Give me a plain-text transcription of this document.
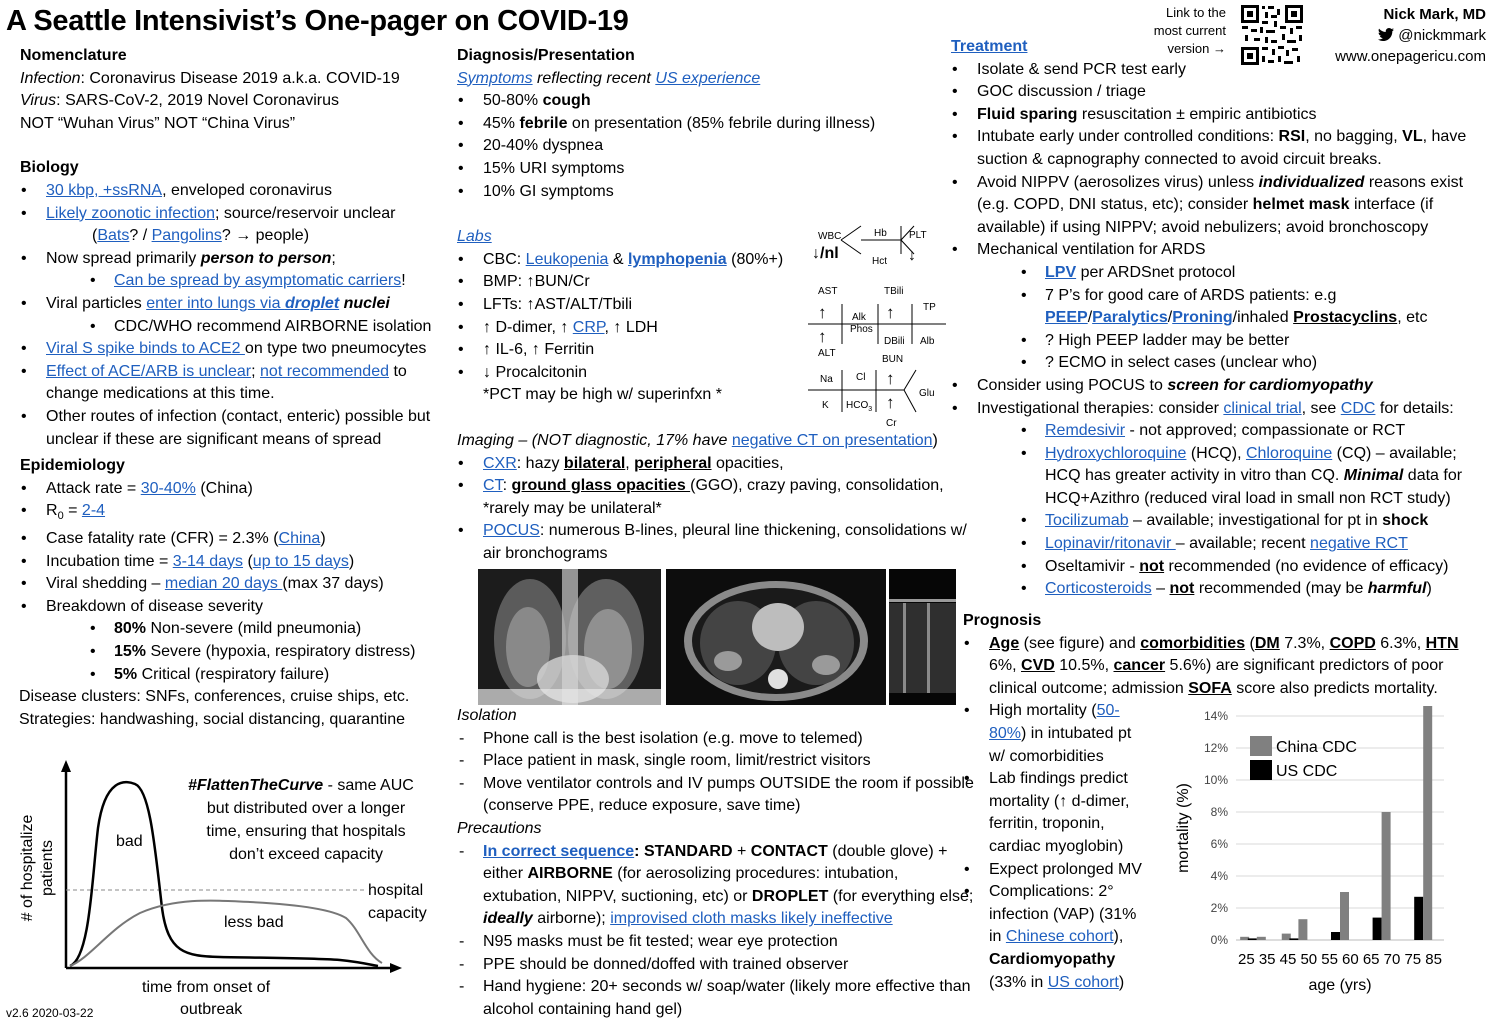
A Seattle Intensivist’s One-pager on COVID-19	Link to the
most current
version →
Nick Mark, MD
@nickmmark
www.onepagericu.com
Nomenclature
Infection: Coronavirus Disease 2019 a.k.a. COVID-19
Virus: SARS-CoV-2, 2019 Novel Coronavirus
NOT “Wuhan Virus” NOT “China Virus”
Biology
• 30 kbp, +ssRNA, enveloped coronavirus
• Likely zoonotic infection; source/reservoir unclear
(Bats? / Pangolins? → people)
• Now spread primarily person to person;
• Can be spread by asymptomatic carriers!
• Viral particles enter into lungs via droplet nuclei
• CDC/WHO recommend AIRBORNE isolation
• Viral S spike binds to ACE2 on type two pneumocytes
• Effect of ACE/ARB is unclear; not recommended to change medications at this time.
• Other routes of infection (contact, enteric) possible but unclear if these are significant means of spread
Epidemiology
• Attack rate = 30-40% (China)
• $R_0 = 2-4$
• Case fatality rate (CFR) = 2.3% (China)
• Incubation time = 3-14 days (up to 15 days)
• Viral shedding – median 20 days (max 37 days)
• Breakdown of disease severity
• 80% Non-severe (mild pneumonia)
• 15% Severe (hypoxia, respiratory distress)
• 5% Critical (respiratory failure)
Disease clusters: SNFs, conferences, cruise ships, etc.
Strategies: handwashing, social distancing, quarantine
bad
less bad
hospital
capacity
time from onset of
outbreak
# of hospitalize patients
#FlattenTheCurve - same AUC
but distributed over a longer
time, ensuring that hospitals
don’t exceed capacity
v2.6 2020-03-22
Diagnosis/Presentation
Symptoms reflecting recent US experience
• 50-80% cough
• 45% febrile on presentation (85% febrile during illness)
• 20-40% dyspnea
• 15% URI symptoms
• 10% GI symptoms
Labs
• CBC: Leukopenia & lymphopenia (80%+)
• BMP: ↑BUN/Cr
• LFTs: ↑AST/ALT/Tbili
• ↑ D-dimer, ↑ CRP, ↑ LDH
• ↑ IL-6, ↑ Ferritin
• ↓ Procalcitonin
*PCT may be high w/ superinfxn *
Imaging – (NOT diagnostic, 17% have negative CT on presentation)
• CXR: hazy bilateral, peripheral opacities,
• CT: ground glass opacities (GGO), crazy paving, consolidation,
*rarely may be unilateral*
• POCUS: numerous B-lines, pleural line thickening, consolidations w/ air bronchograms
WBC
↓/nl
Hb
Hct
PLT
↓
AST
↑
↑
ALT
Alk
Phos
TBili
↑
DBili
TP
Alb
BUN
↑
↑
Cr
Na Cl
K $HCO_3$
Glu
Isolation
- Phone call is the best isolation (e.g. move to telemed)
- Place patient in mask, single room, limit/restrict visitors
- Move ventilator controls and IV pumps OUTSIDE the room if possible (conserve PPE, reduce exposure, save time)
Precautions
- In correct sequence: STANDARD + CONTACT (double glove) + either AIRBORNE (for aerosolizing procedures: intubation, extubation, NIPPV, suctioning, etc) or DROPLET (for everything else; ideally airborne); improvised cloth masks likely ineffective
- N95 masks must be fit tested; wear eye protection
- PPE should be donned/doffed with trained observer
- Hand hygiene: 20+ seconds w/ soap/water (likely more effective than alcohol containing hand gel)
Treatment
• Isolate & send PCR test early
• GOC discussion / triage
• Fluid sparing resuscitation ± empiric antibiotics
• Intubate early under controlled conditions: RSI, no bagging, VL, have suction & capnography connected to avoid circuit breaks.
• Avoid NIPPV (aerosolizes virus) unless individualized reasons exist (e.g. COPD, DNI status, etc); consider helmet mask interface (if available) if using NIPPV; avoid nebulizers; avoid bronchoscopy
• Mechanical ventilation for ARDS
• LPV per ARDSnet protocol
• 7 P’s for good care of ARDS patients: e.g
PEEP/Paralytics/Proning/inhaled Prostacyclins, etc
• ? High PEEP ladder may be better
• ? ECMO in select cases (unclear who)
• Consider using POCUS to screen for cardiomyopathy
• Investigational therapies: consider clinical trial, see CDC for details:
• Remdesivir - not approved; compassionate or RCT
• Hydroxychloroquine (HCQ), Chloroquine (CQ) – available; HCQ has greater activity in vitro than CQ. Minimal data for HCQ+Azithro (reduced viral load in small non RCT study)
• Tocilizumab – available; investigational for pt in shock
• Lopinavir/ritonavir – available; recent negative RCT
• Oseltamivir - not recommended (no evidence of efficacy)
• Corticosteroids – not recommended (may be harmful)
Prognosis
• Age (see figure) and comorbidities (DM 7.3%, COPD 6.3%, HTN 6%, CVD 10.5%, cancer 5.6%) are significant predictors of poor clinical outcome; admission SOFA score also predicts mortality.
• High mortality (50-80%) in intubated pt w/ comorbidities
• Lab findings predict mortality (↑ d-dimer, ferritin, troponin, cardiac myoglobin)
• Expect prolonged MV
• Complications: 2° infection (VAP) (31% in Chinese cohort), Cardiomyopathy (33% in US cohort)
0%
2%
4%
6%
8%
10%
12%
14%
25 35 45 50 55 60 65 70 75 85
age (yrs)
mortality (%)
China CDC
US CDC
